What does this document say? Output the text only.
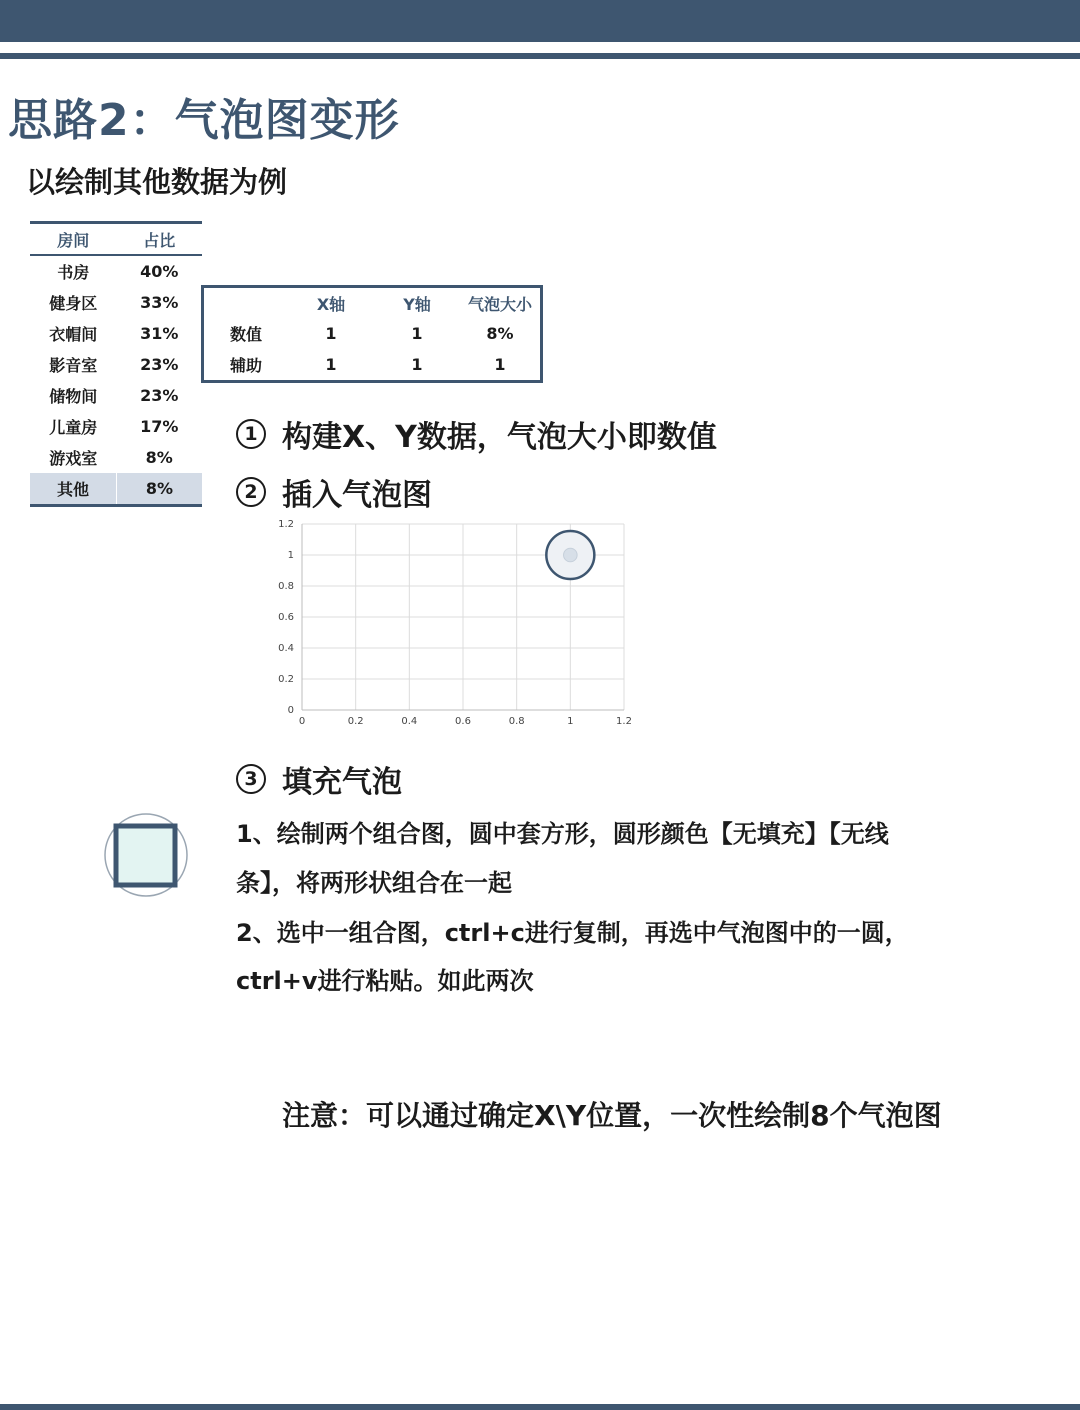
思路2：气泡图变形
以绘制其他数据为例
房间	占比
书房	40%
健身区	33%
衣帽间	31%
影音室	23%
储物间	23%
儿童房	17%
游戏室	8%
其他	8%
	X轴	Y轴	气泡大小
数值	1	1	8%
辅助	1	1	1
1 构建X、Y数据，气泡大小即数值
2 插入气泡图
0	0.2	0.4	0.6	0.8	1	1.2
0
0.2
0.4
0.6
0.8
1
1.2
3 填充气泡
1、绘制两个组合图，圆中套方形，圆形颜色【无填充】【无线
条】，将两形状组合在一起
2、选中一组合图，ctrl+c进行复制，再选中气泡图中的一圆，
ctrl+v进行粘贴。如此两次
注意：可以通过确定X\Y位置，一次性绘制8个气泡图
